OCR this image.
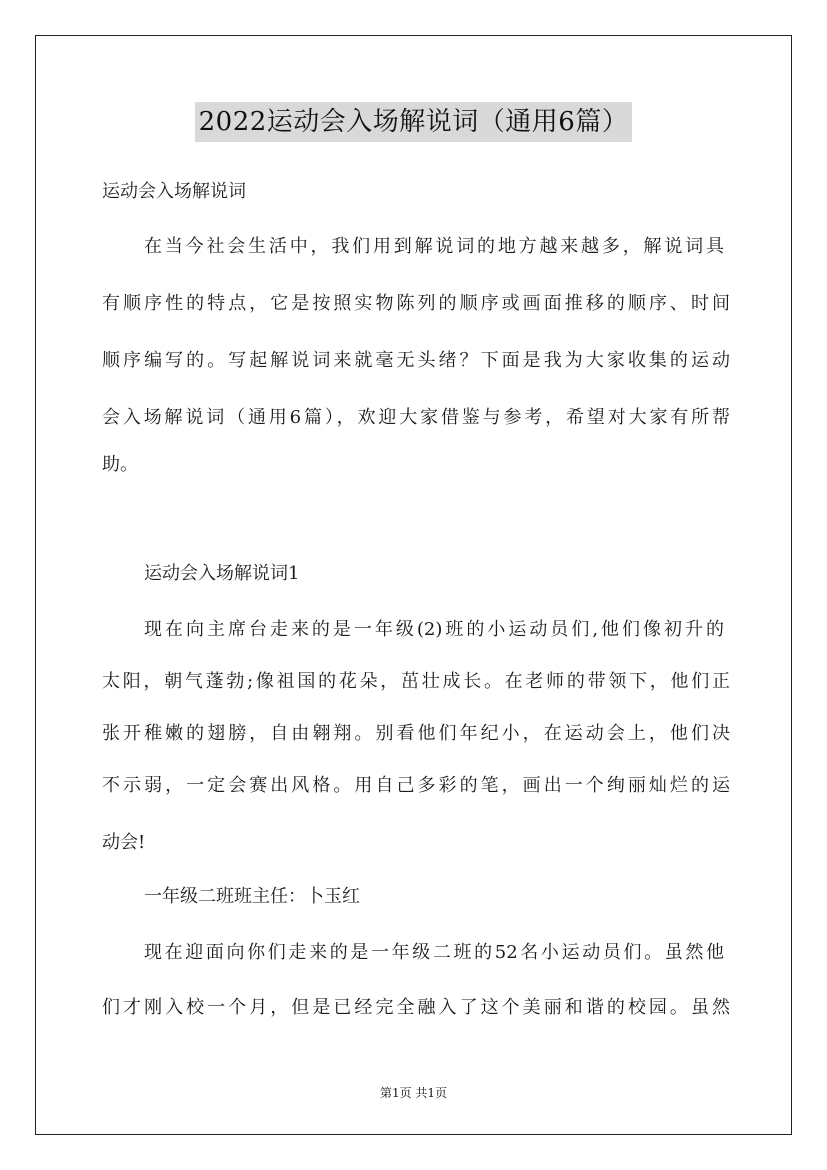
2022运动会入场解说词（通用6篇）
运动会入场解说词
在当今社会生活中，我们用到解说词的地方越来越多，解说词具
有顺序性的特点，它是按照实物陈列的顺序或画面推移的顺序、时间
顺序编写的。写起解说词来就毫无头绪？下面是我为大家收集的运动
会入场解说词（通用6篇），欢迎大家借鉴与参考，希望对大家有所帮
助。
运动会入场解说词1
现在向主席台走来的是一年级(2)班的小运动员们,他们像初升的
太阳，朝气蓬勃;像祖国的花朵，茁壮成长。在老师的带领下，他们正
张开稚嫩的翅膀，自由翱翔。别看他们年纪小，在运动会上，他们决
不示弱，一定会赛出风格。用自己多彩的笔，画出一个绚丽灿烂的运
动会!
一年级二班班主任：卜玉红
现在迎面向你们走来的是一年级二班的52名小运动员们。虽然他
们才刚入校一个月，但是已经完全融入了这个美丽和谐的校园。虽然
第1页 共1页
